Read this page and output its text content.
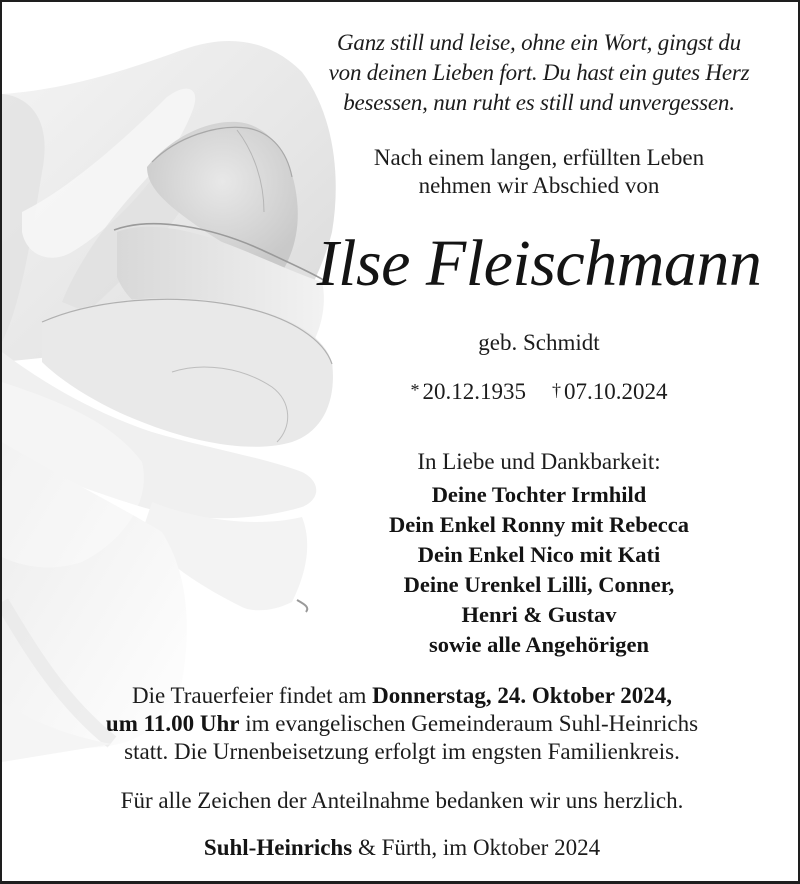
Ganz still und leise, ohne ein Wort, gingst du
von deinen Lieben fort. Du hast ein gutes Herz
besessen, nun ruht es still und unvergessen.
Nach einem langen, erfüllten Leben
nehmen wir Abschied von
Ilse Fleischmann
geb. Schmidt
* 20.12.1935 † 07.10.2024
In Liebe und Dankbarkeit:
Deine Tochter Irmhild
Dein Enkel Ronny mit Rebecca
Dein Enkel Nico mit Kati
Deine Urenkel Lilli, Conner,
Henri & Gustav
sowie alle Angehörigen
Die Trauerfeier findet am Donnerstag, 24. Oktober 2024,
um 11.00 Uhr im evangelischen Gemeinderaum Suhl-Heinrichs
statt. Die Urnenbeisetzung erfolgt im engsten Familienkreis.
Für alle Zeichen der Anteilnahme bedanken wir uns herzlich.
Suhl-Heinrichs & Fürth, im Oktober 2024
